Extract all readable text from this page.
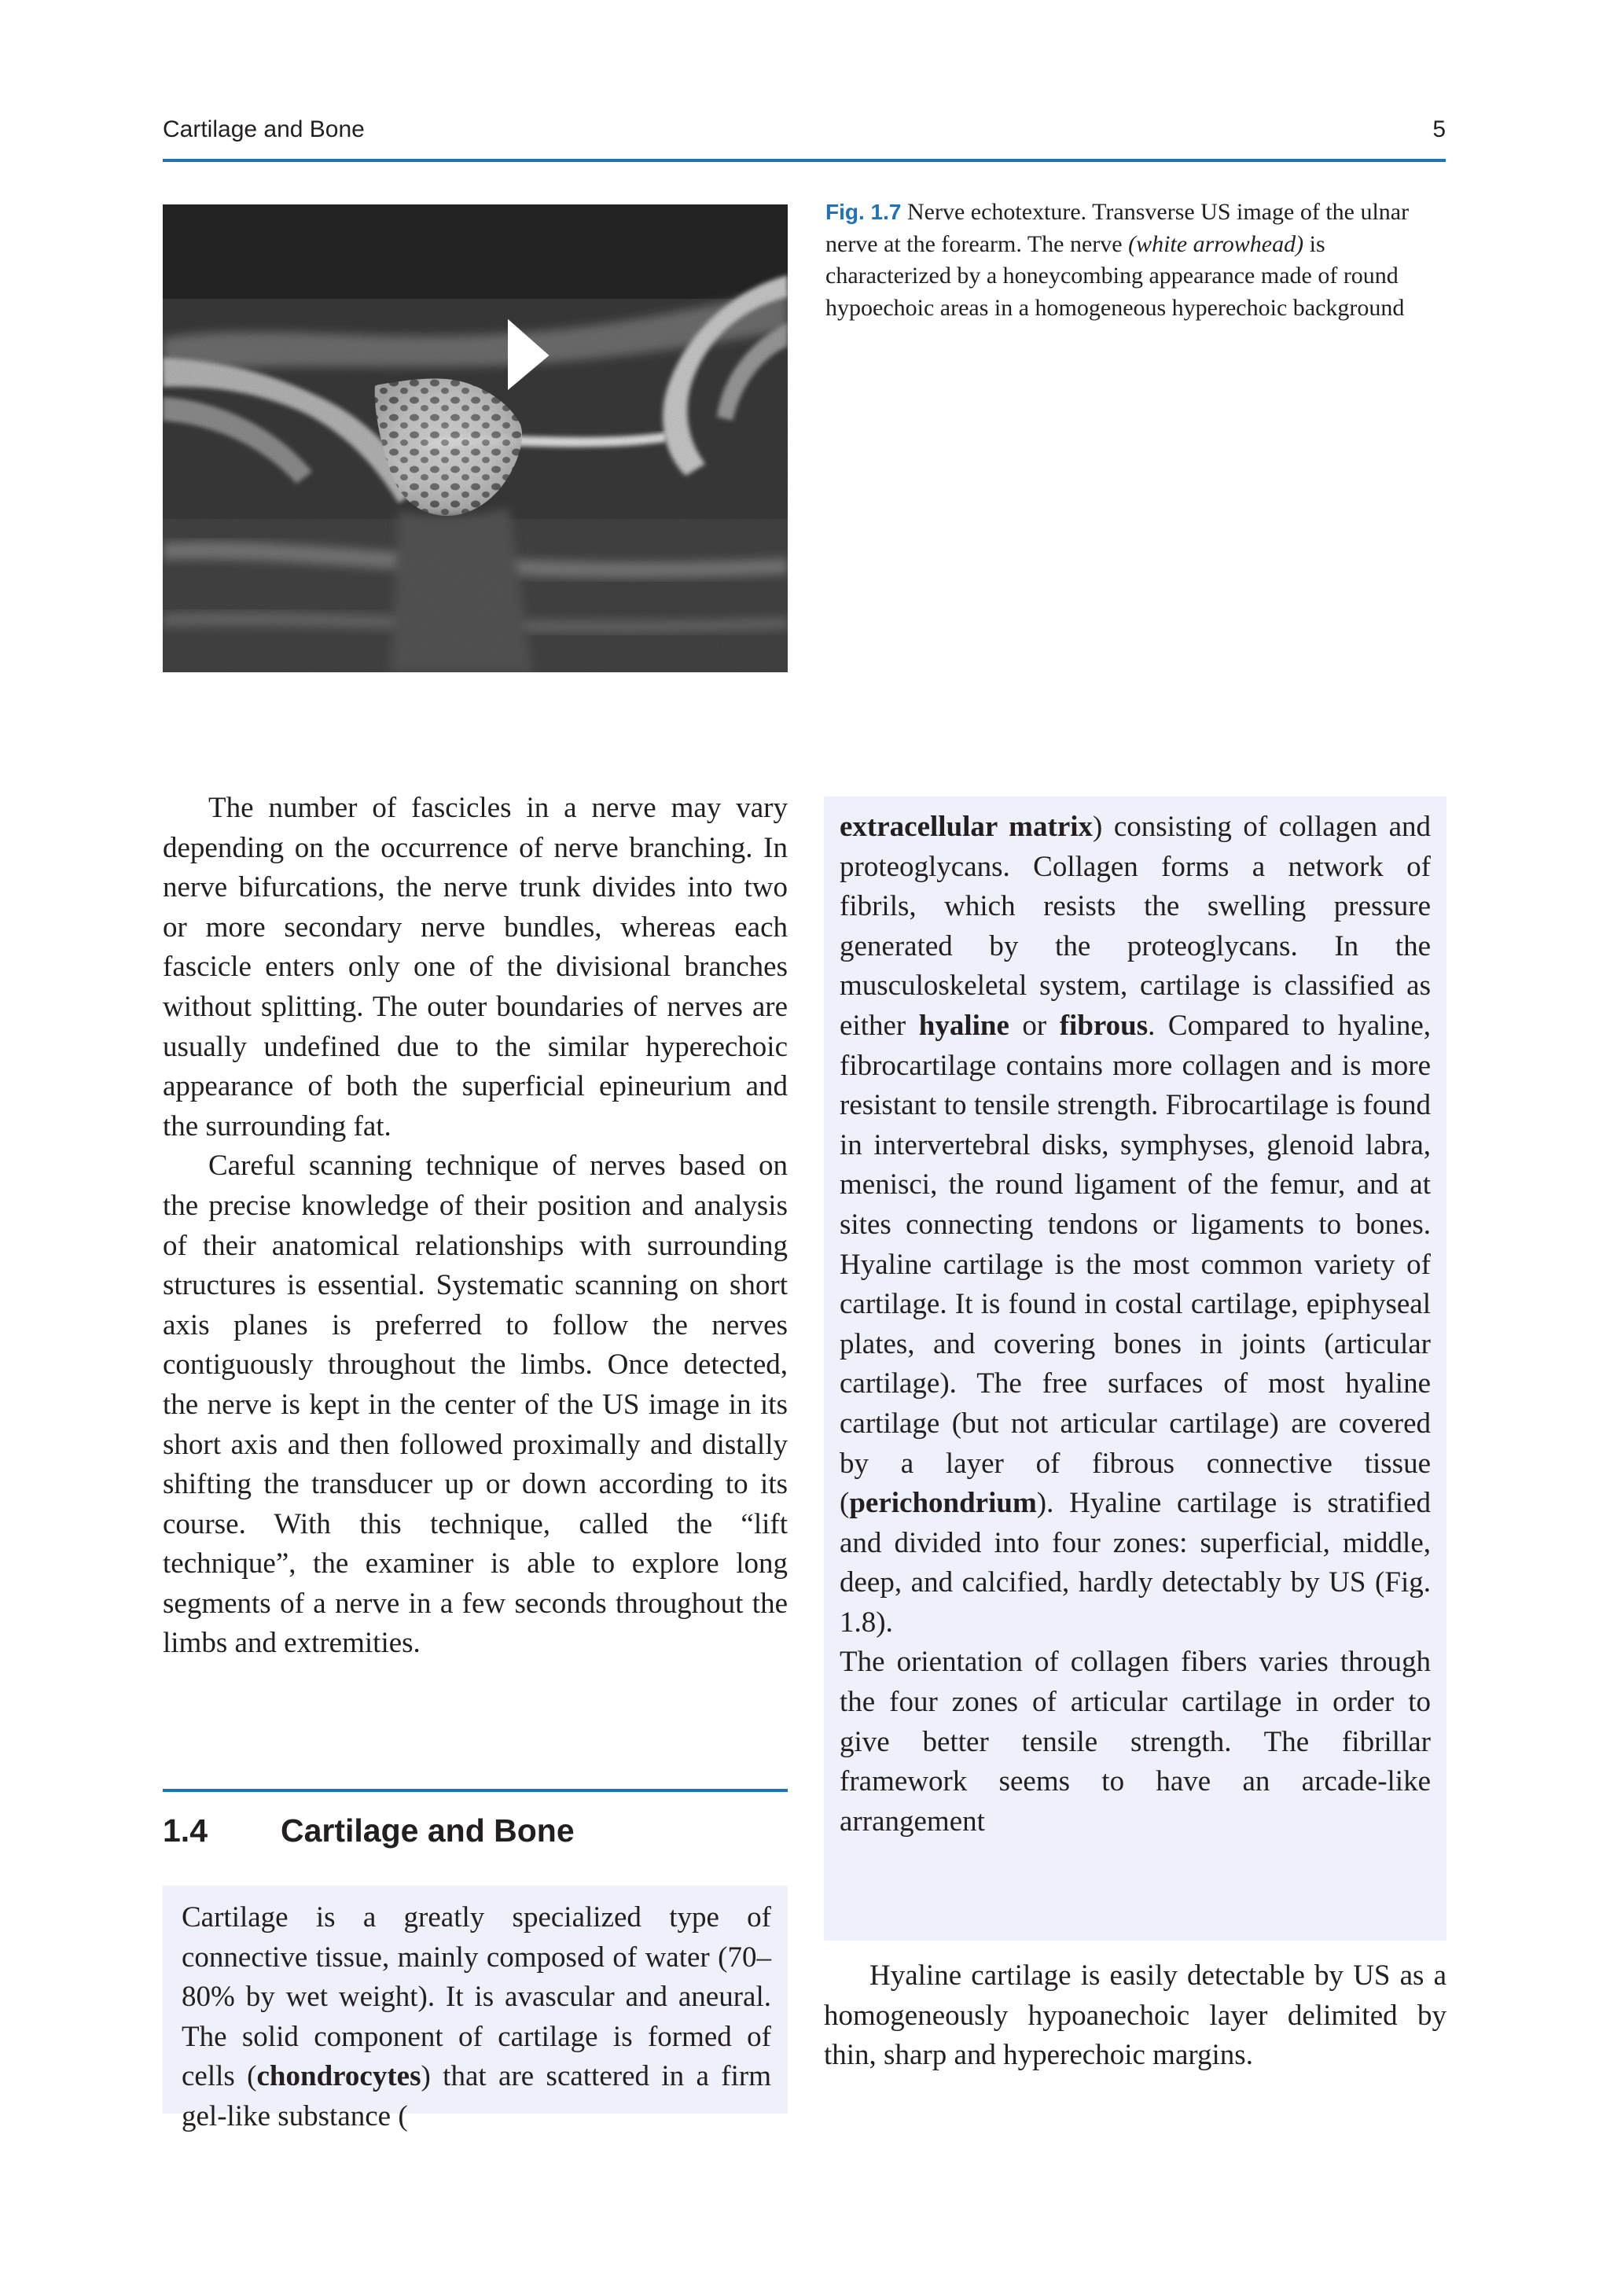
Cartilage and Bone	5
Fig. 1.7 Nerve echotexture. Transverse US image of the ulnar nerve at the forearm. The nerve (white arrowhead) is characterized by a honeycombing appearance made of round hypoechoic areas in a homogeneous hyperechoic background

The number of fascicles in a nerve may vary depending on the occurrence of nerve branching. In nerve bifurcations, the nerve trunk divides into two or more secondary nerve bundles, whereas each fascicle enters only one of the divisional branches without splitting. The outer boundaries of nerves are usually undefined due to the similar hyperechoic appearance of both the superficial epineurium and the surrounding fat.

Careful scanning technique of nerves based on the precise knowledge of their position and analysis of their anatomical relationships with surrounding structures is essential. Systematic scanning on short axis planes is preferred to follow the nerves contiguously throughout the limbs. Once detected, the nerve is kept in the center of the US image in its short axis and then followed proximally and distally shifting the transducer up or down according to its course. With this technique, called the “lift technique”, the examiner is able to explore long segments of a nerve in a few seconds throughout the limbs and extremities.

1.4 Cartilage and Bone

Cartilage is a greatly specialized type of connective tissue, mainly composed of water (70–80% by wet weight). It is avascular and aneural. The solid component of cartilage is formed of cells (chondrocytes) that are scattered in a firm gel-like substance (

extracellular matrix) consisting of collagen and proteoglycans. Collagen forms a network of fibrils, which resists the swelling pressure generated by the proteoglycans. In the musculoskeletal system, cartilage is classified as either hyaline or fibrous. Compared to hyaline, fibrocartilage contains more collagen and is more resistant to tensile strength. Fibrocartilage is found in intervertebral disks, symphyses, glenoid labra, menisci, the round ligament of the femur, and at sites connecting tendons or ligaments to bones. Hyaline cartilage is the most common variety of cartilage. It is found in costal cartilage, epiphyseal plates, and covering bones in joints (articular cartilage). The free surfaces of most hyaline cartilage (but not articular cartilage) are covered by a layer of fibrous connective tissue (perichondrium). Hyaline cartilage is stratified and divided into four zones: superficial, middle, deep, and calcified, hardly detectably by US (Fig. 1.8).

The orientation of collagen fibers varies through the four zones of articular cartilage in order to give better tensile strength. The fibrillar framework seems to have an arcade-like arrangement

Hyaline cartilage is easily detectable by US as a homogeneously hypoanechoic layer delimited by thin, sharp and hyperechoic margins.
